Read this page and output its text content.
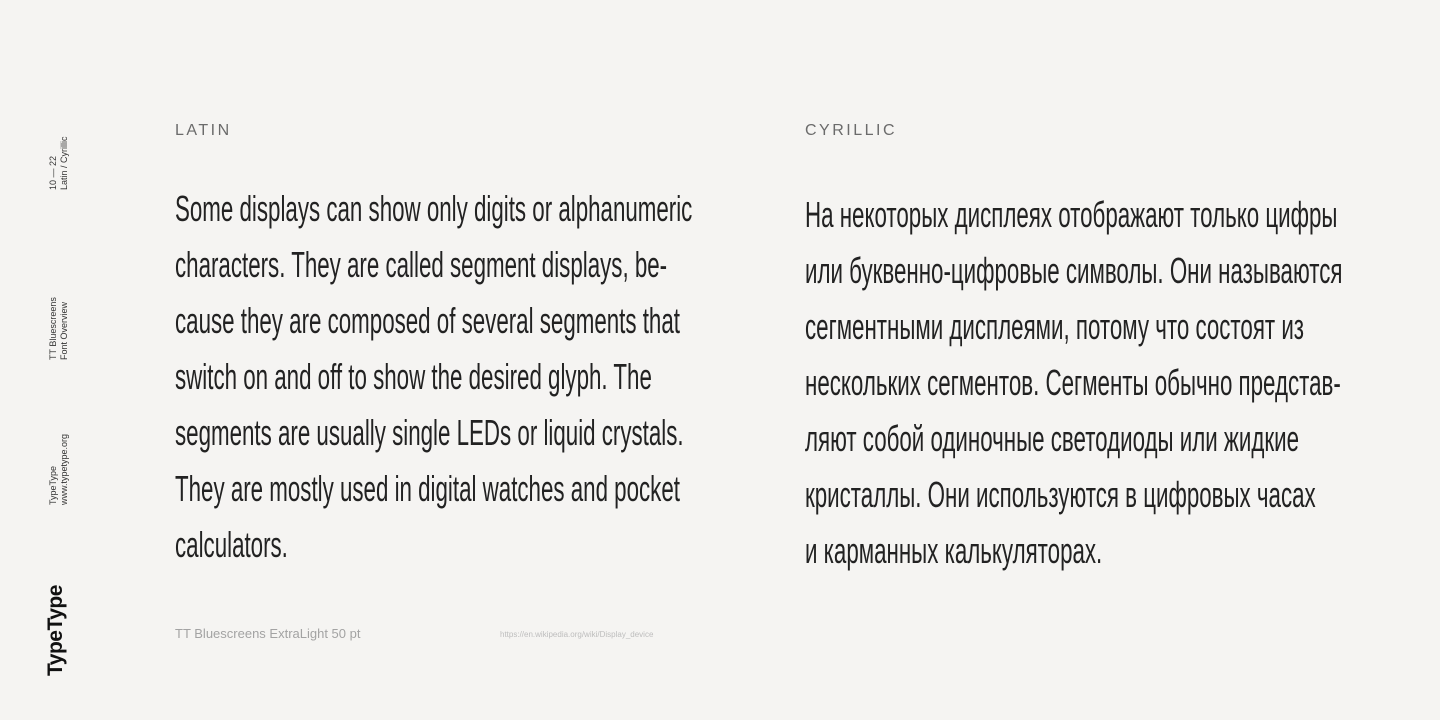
10 — 22 Latin / Cyrillic
TT Bluescreens Font Overview
TypeType www.typetype.org
TypeType
LATIN	CYRILLIC
Some displays can show only digits or alphanumeric
characters. They are called segment displays, be-
cause they are composed of several segments that
switch on and off to show the desired glyph. The
segments are usually single LEDs or liquid crystals.
They are mostly used in digital watches and pocket
calculators.
На некоторых дисплеях отображают только цифры
или буквенно-цифровые символы. Они называются
сегментными дисплеями, потому что состоят из
нескольких сегментов. Сегменты обычно представ-
ляют собой одиночные светодиоды или жидкие
кристаллы. Они используются в цифровых часах
и карманных калькуляторах.
TT Bluescreens ExtraLight 50 pt	https://en.wikipedia.org/wiki/Display_device
